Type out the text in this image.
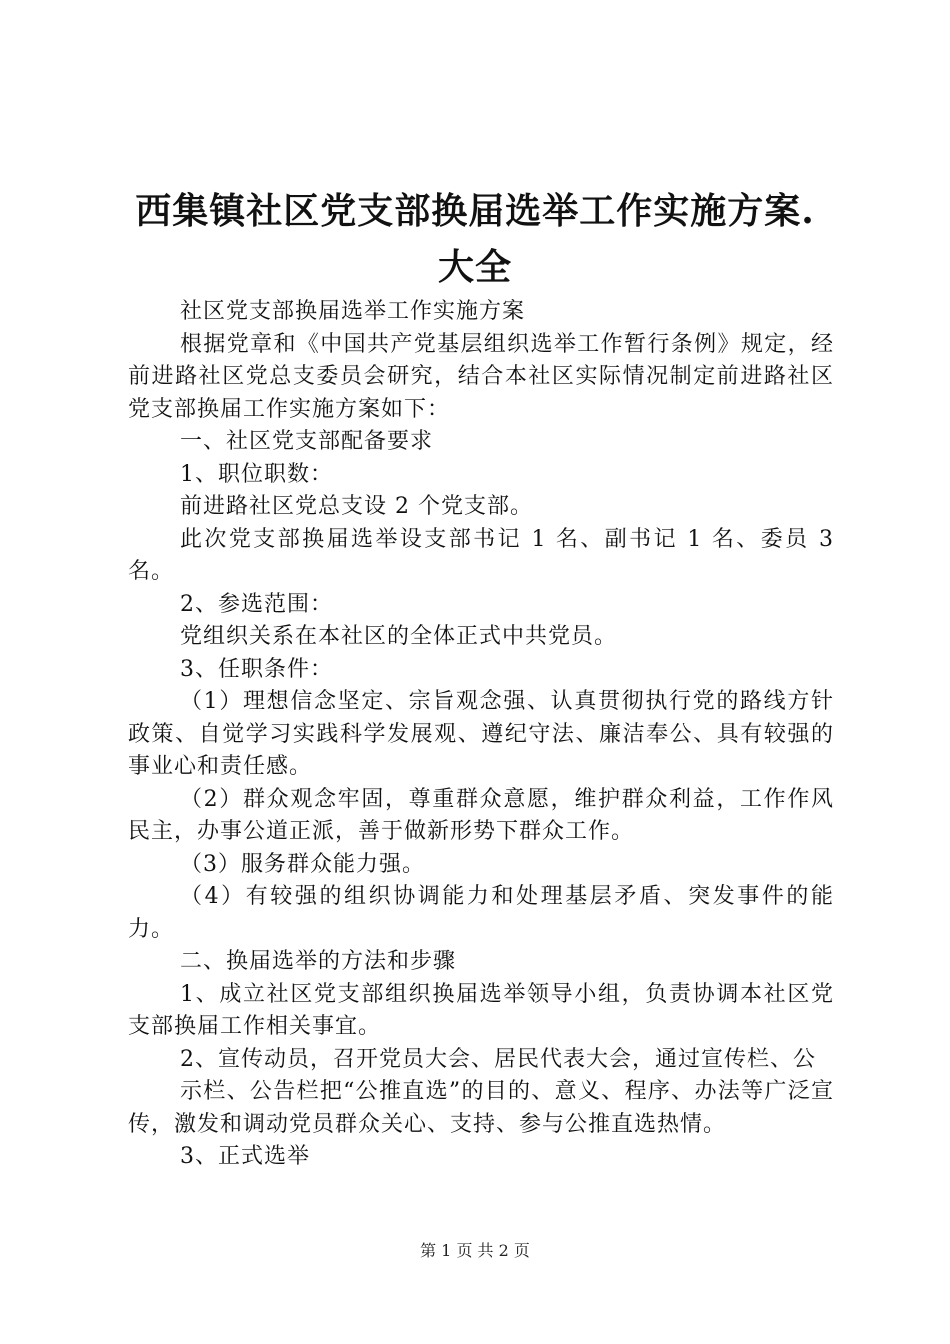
西集镇社区党支部换届选举工作实施方案.大全

社区党支部换届选举工作实施方案

根据党章和《中国共产党基层组织选举工作暂行条例》规定，经前进路社区党总支委员会研究，结合本社区实际情况制定前进路社区党支部换届工作实施方案如下：

一、社区党支部配备要求

1、职位职数：

前进路社区党总支设 2 个党支部。

此次党支部换届选举设支部书记 1 名、副书记 1 名、委员 3 名。

2、参选范围：

党组织关系在本社区的全体正式中共党员。

3、任职条件：

（1）理想信念坚定、宗旨观念强、认真贯彻执行党的路线方针政策、自觉学习实践科学发展观、遵纪守法、廉洁奉公、具有较强的事业心和责任感。

（2）群众观念牢固，尊重群众意愿，维护群众利益，工作作风民主，办事公道正派，善于做新形势下群众工作。

（3）服务群众能力强。

（4）有较强的组织协调能力和处理基层矛盾、突发事件的能力。

二、换届选举的方法和步骤

1、成立社区党支部组织换届选举领导小组，负责协调本社区党支部换届工作相关事宜。

2、宣传动员，召开党员大会、居民代表大会，通过宣传栏、公

示栏、公告栏把“公推直选”的目的、意义、程序、办法等广泛宣传，激发和调动党员群众关心、支持、参与公推直选热情。

3、正式选举

第 1 页 共 2 页
